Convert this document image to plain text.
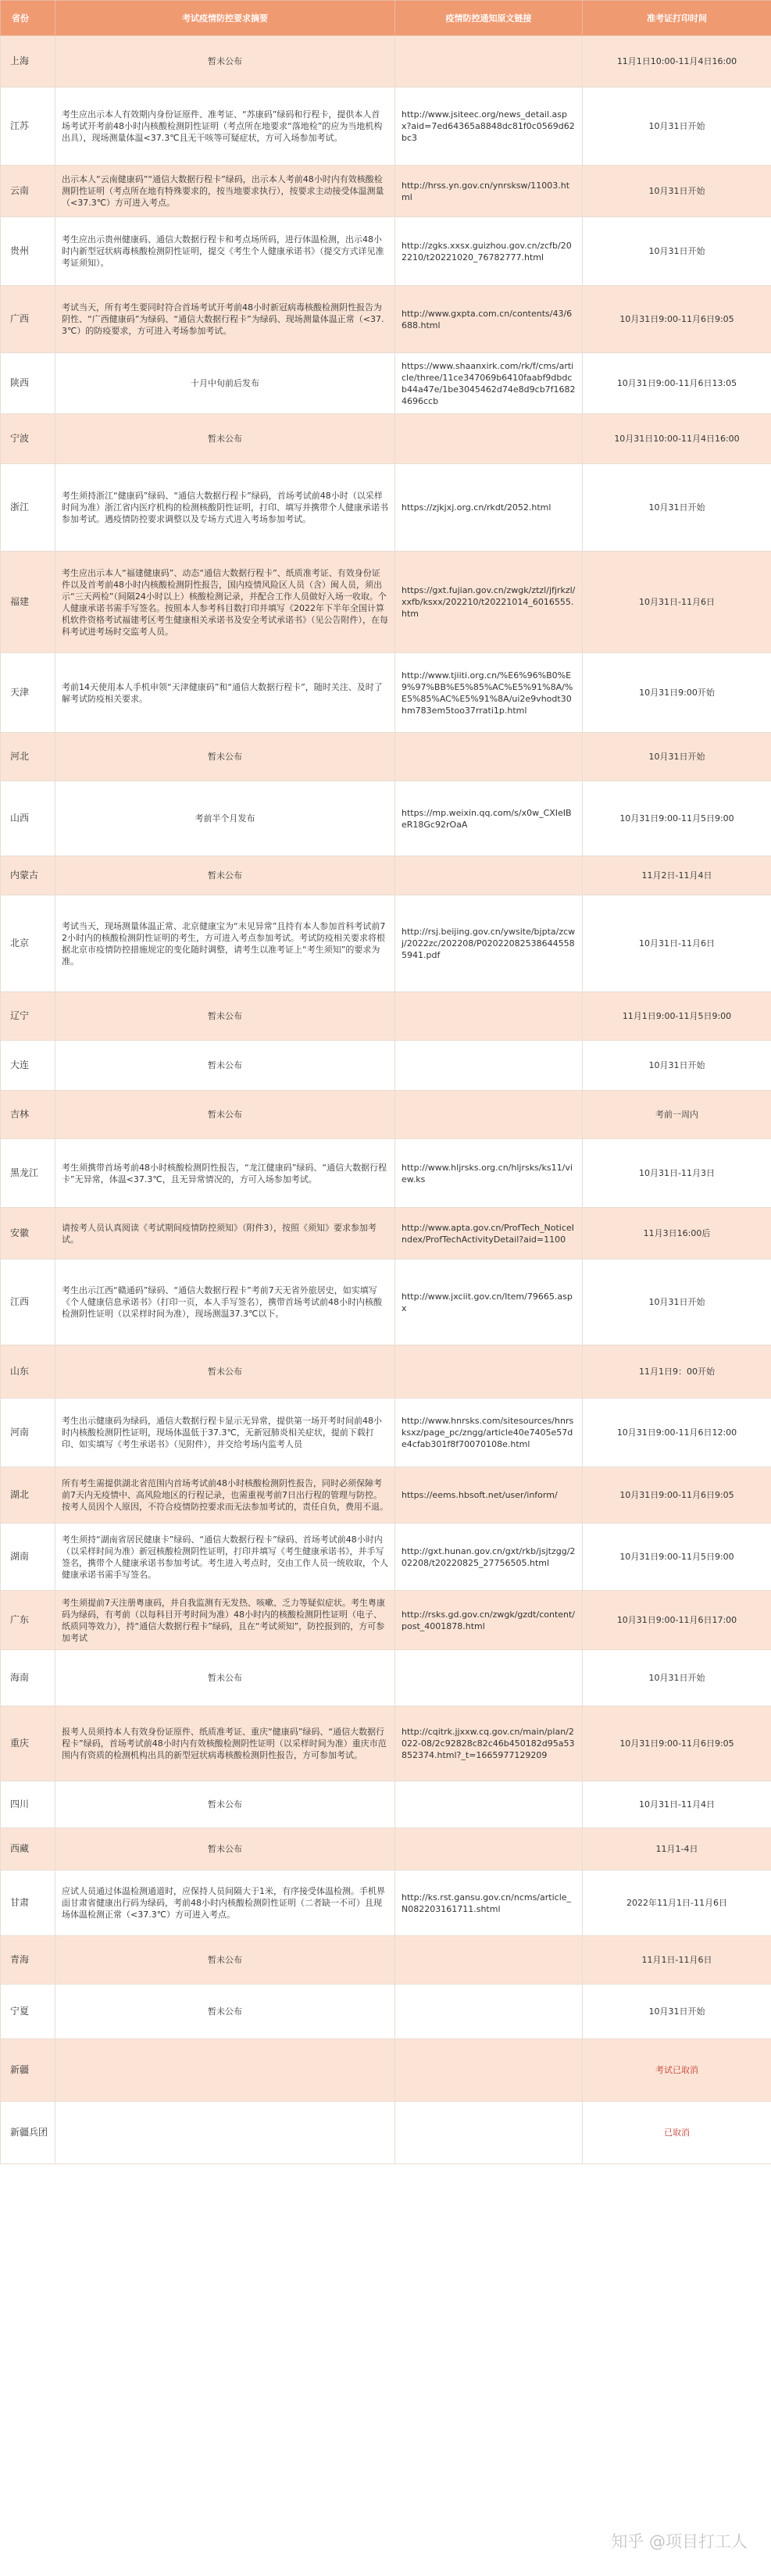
省份	考试疫情防控要求摘要	疫情防控通知原文链接	准考证打印时间
上海	暂未公布		11月1日10:00-11月4日16:00
江苏	考生应出示本人有效期内身份证原件、准考证、“苏康码”绿码和行程卡，提供本人首场考试开考前48小时内核酸检测阴性证明（考点所在地要求“落地检”的应为当地机构出具），现场测量体温<37.3℃且无干咳等可疑症状，方可入场参加考试。	http://www.jsiteec.org/news_detail.aspx?aid=7ed64365a8848dc81f0c0569d62bc3	10月31日开始
云南	出示本人“云南健康码”“通信大数据行程卡”绿码，出示本人考前48小时内有效核酸检测阴性证明（考点所在地有特殊要求的，按当地要求执行），按要求主动接受体温测量（<37.3℃）方可进入考点。	http://hrss.yn.gov.cn/ynrsksw/11003.html	10月31日开始
贵州	考生应出示贵州健康码、通信大数据行程卡和考点场所码，进行体温检测，出示48小时内新型冠状病毒核酸检测阴性证明，提交《考生个人健康承诺书》（提交方式详见准考证须知）。	http://zgks.xxsx.guizhou.gov.cn/zcfb/202210/t20221020_76782777.html	10月31日开始
广西	考试当天，所有考生要同时符合首场考试开考前48小时新冠病毒核酸检测阴性报告为阴性、“广西健康码”为绿码、“通信大数据行程卡”为绿码、现场测量体温正常（<37.3℃）的防疫要求，方可进入考场参加考试。	http://www.gxpta.com.cn/contents/43/6688.html	10月31日9:00-11月6日9:05
陕西	十月中旬前后发布	https://www.shaanxirk.com/rk/f/cms/article/three/11ce347069b6410faabf9dbdcb44a47e/1be3045462d74e8d9cb7f16824696ccb	10月31日9:00-11月6日13:05
宁波	暂未公布		10月31日10:00-11月4日16:00
浙江	考生须持浙江“健康码”绿码、“通信大数据行程卡”绿码，首场考试前48小时（以采样时间为准）浙江省内医疗机构的检测核酸阴性证明，打印、填写并携带个人健康承诺书参加考试。遇疫情防控要求调整以及专场方式进入考场参加考试。	https://zjkjxj.org.cn/rkdt/2052.html	10月31日开始
福建	考生应出示本人“福建健康码”、动态“通信大数据行程卡”、纸质准考证、有效身份证件以及首考前48小时内核酸检测阴性报告，国内疫情风险区人员（含）闽人员，须出示“三天两检”（间隔24小时以上）核酸检测记录，并配合工作人员做好入场一收取。个人健康承诺书需手写签名。按照本人参考科目数打印并填写《2022年下半年全国计算机软件资格考试福建考区考生健康相关承诺书及安全考试承诺书》（见公告附件），在每科考试进考场时交监考人员。	https://gxt.fujian.gov.cn/zwgk/ztzl/jfjrkzl/xxfb/ksxx/202210/t20221014_6016555.htm	10月31日-11月6日
天津	考前14天使用本人手机申领“天津健康码”和“通信大数据行程卡”，随时关注、及时了解考试防疫相关要求。	http://www.tjiiti.org.cn/%E6%96%B0%E9%97%BB%E5%85%AC%E5%91%8A/%E5%85%AC%E5%91%8A/ui2e9vhodt30hm783em5too37rrati1p.html	10月31日9:00开始
河北	暂未公布		10月31日开始
山西	考前半个月发布	https://mp.weixin.qq.com/s/x0w_CXIeIBeR18Gc92rOaA	10月31日9:00-11月5日9:00
内蒙古	暂未公布		11月2日-11月4日
北京	考试当天，现场测量体温正常、北京健康宝为“未见异常”且持有本人参加首科考试前72小时内的核酸检测阴性证明的考生，方可进入考点参加考试。考试防疫相关要求将根据北京市疫情防控措施规定的变化随时调整，请考生以准考证上“考生须知”的要求为准。	http://rsj.beijing.gov.cn/ywsite/bjpta/zcwj/2022zc/202208/P020220825386445585941.pdf	10月31日-11月6日
辽宁	暂未公布		11月1日9:00-11月5日9:00
大连	暂未公布		10月31日开始
吉林	暂未公布		考前一周内
黑龙江	考生须携带首场考前48小时核酸检测阴性报告，“龙江健康码”绿码、“通信大数据行程卡”无异常，体温<37.3℃，且无异常情况的，方可入场参加考试。	http://www.hljrsks.org.cn/hljrsks/ks11/view.ks	10月31日-11月3日
安徽	请按考人员认真阅读《考试期间疫情防控须知》（附件3），按照《须知》要求参加考试。	http://www.apta.gov.cn/ProfTech_NoticeIndex/ProfTechActivityDetail?aid=1100	11月3日16:00后
江西	考生出示江西“赣通码”绿码、“通信大数据行程卡”考前7天无省外旅居史，如实填写《个人健康信息承诺书》（打印一页，本人手写签名），携带首场考试前48小时内核酸检测阴性证明（以采样时间为准），现场测温37.3℃以下。	http://www.jxciit.gov.cn/Item/79665.aspx	10月31日开始
山东	暂未公布		11月1日9：00开始
河南	考生出示健康码为绿码，通信大数据行程卡显示无异常，提供第一场开考时间前48小时内核酸检测阴性证明，现场体温低于37.3℃，无新冠肺炎相关症状，提前下载打印、如实填写《考生承诺书》（见附件），并交给考场内监考人员	http://www.hnrsks.com/sitesources/hnrsksxz/page_pc/zngg/article40e7405e57de4cfab301f8f70070108e.html	10月31日9:00-11月6日12:00
湖北	所有考生需提供湖北省范围内首场考试前48小时核酸检测阴性报告，同时必须保障考前7天内无疫情中、高风险地区的行程记录，也需重视考前7日出行程的管理与防控。按考人员因个人原因，不符合疫情防控要求而无法参加考试的，责任自负，费用不退。	https://eems.hbsoft.net/user/inform/	10月31日9:00-11月6日9:05
湖南	考生须持“湖南省居民健康卡”绿码、“通信大数据行程卡”绿码、首场考试前48小时内（以采样时间为准）新冠核酸检测阴性证明，打印并填写《考生健康承诺书》，并手写签名，携带个人健康承诺书参加考试。考生进入考点时，交由工作人员一统收取，个人健康承诺书需手写签名。	http://gxt.hunan.gov.cn/gxt/rkb/jsjtzgg/202208/t20220825_27756505.html	10月31日9:00-11月5日9:00
广东	考生须提前7天注册粤康码，并自我监测有无发热、咳嗽、乏力等疑似症状。考生粤康码为绿码，有考前（以每科目开考时间为准）48小时内的核酸检测阴性证明（电子、纸质同等效力），持“通信大数据行程卡”绿码，且在“考试须知”，防控报到的，方可参加考试	http://rsks.gd.gov.cn/zwgk/gzdt/content/post_4001878.html	10月31日9:00-11月6日17:00
海南	暂未公布		10月31日开始
重庆	报考人员须持本人有效身份证原件、纸质准考证、重庆“健康码”绿码、“通信大数据行程卡”绿码，首场考试前48小时内有效核酸检测阴性证明（以采样时间为准）重庆市范围内有资质的检测机构出具的新型冠状病毒核酸检测阴性报告，方可参加考试。	http://cqitrk.jjxxw.cq.gov.cn/main/plan/2022-08/2c92828c82c46b450182d95a53852374.html?_t=1665977129209	10月31日9:00-11月6日9:05
四川	暂未公布		10月31日-11月4日
西藏	暂未公布		11月1-4日
甘肃	应试人员通过体温检测通道时，应保持人员间隔大于1米，有序接受体温检测。手机界面甘肃省健康出行码为绿码，考前48小时内核酸检测阴性证明（二者缺一不可）且现场体温检测正常（<37.3℃）方可进入考点。	http://ks.rst.gansu.gov.cn/ncms/article_N082203161711.shtml	2022年11月1日-11月6日
青海	暂未公布		11月1日-11月6日
宁夏	暂未公布		10月31日开始
新疆			考试已取消
新疆兵团			已取消
知乎 @项目打工人
